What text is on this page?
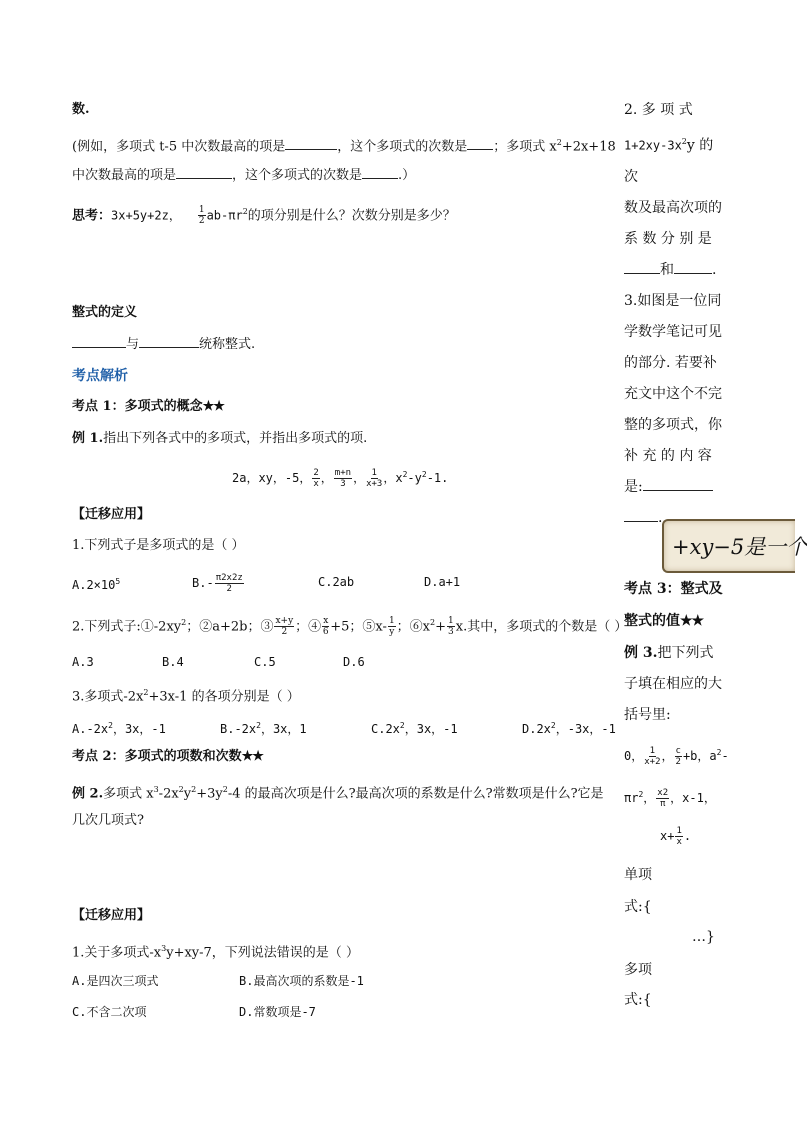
数.
(例如，多项式 t-5 中次数最高的项是	，这个多项式的次数是 ；多项式 $x^2+2x+18$
中次数最高的项是	，这个多项式的次数是	.）
思考：3x+5y+2z， $\frac{1}{2} ab-\pi r^2$的项分别是什么？次数分别是多少？
整式的定义
与	统称整式.
考点解析
考点 1：多项式的概念★★
例 1.指出下列各式中的多项式，并指出多项式的项.
2a，xy，-5， $\frac{2}{x}$ ， $\frac{m+n}{3}$ ， $\frac{1}{x+3}$ ，$x^2-y^2-1$.
【迁移应用】
1.下列式子是多项式的是（ ）
$A.2\times 10^5$	$B.- \frac{\pi 2x2z}{2}$	C.2ab	D.a+1
2.下列式子$:①-2xy^2$；②a+2b；③ $\frac{x+y}{2}$ ；④ $\frac{x}{6} +5$；⑤x- $\frac{1}{y}$ ；$⑥x^2+ \frac{1}{3} x$.其中，多项式的个数是（ ）
A.3	B.4	C.5	D.6
3.多项式$-2x^2+3x-1$ 的各项分别是（ ）
$A.-2x^2$，3x，-1	$B.-2x^2$，3x，1	$C.2x^2$，3x，-1	$D.2x^2$，-3x，-1
考点 2：多项式的项数和次数★★
例 2.多项式 $x^3-2x^2y^2+3y^2-4$ 的最高次项是什么?最高次项的系数是什么?常数项是什么?它是
几次几项式?
【迁移应用】
1.关于多项式$-x^3y+xy-7$，下列说法错误的是（ ）
A.是四次三项式	B.最高次项的系数是-1
C.不含二次项	D.常数项是-7
2. 多 项 式
$1+2xy-3x^2y$ 的次
数及最高次项的
系 数 分 别 是
和	.
3.如图是一位同
学数学笔记可见
的部分. 若要补
充文中这个不完
整的多项式，你
补 充 的 内 容
是:
.
+xy−5是一个
考点 3：整式及
整式的值★★
例 3.把下列式
子填在相应的大
括号里:
0， $\frac{1}{x+2}$ ， $\frac{c}{2} +b$，$a^2-$
$\pi r^2$， $\frac{x2}{\pi}$ ，x-1，
$x+ \frac{1}{x}$ .
单项
式:{
…}
多项
式:{
